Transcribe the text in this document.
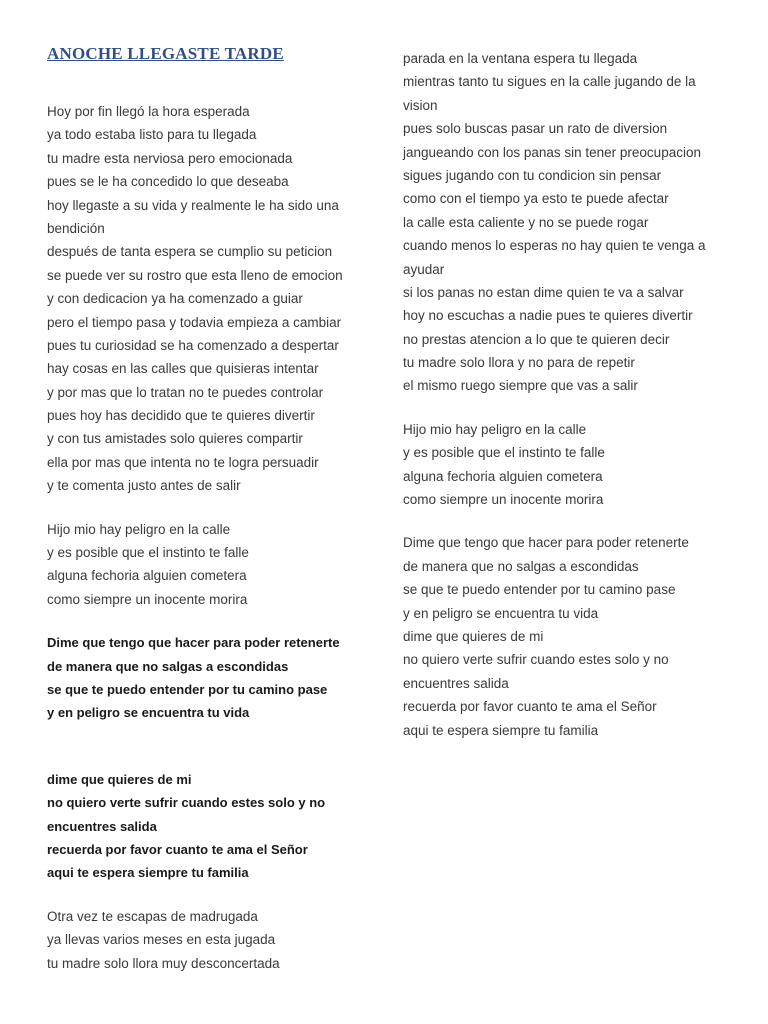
ANOCHE LLEGASTE TARDE
Hoy por fin llegó la hora esperada
ya todo estaba listo para tu llegada
tu madre esta nerviosa pero emocionada
pues se le ha concedido lo que deseaba
hoy llegaste a su vida y realmente le ha sido una
bendición
después de tanta espera se cumplio su peticion
se puede ver su rostro que esta lleno de emocion
y con dedicacion ya ha comenzado a guiar
pero el tiempo pasa y todavia empieza a cambiar
pues tu curiosidad se ha comenzado a despertar
hay cosas en las calles que quisieras intentar
y por mas que lo tratan no te puedes controlar
pues hoy has decidido que te quieres divertir
y con tus amistades solo quieres compartir
ella por mas que intenta no te logra persuadir
y te comenta justo antes de salir
Hijo mio hay peligro en la calle
y es posible que el instinto te falle
alguna fechoria alguien cometera
como siempre un inocente morira
Dime que tengo que hacer para poder retenerte
de manera que no salgas a escondidas
se que te puedo entender por tu camino pase
y en peligro se encuentra tu vida
dime que quieres de mi
no quiero verte sufrir cuando estes solo y no
encuentres salida
recuerda por favor cuanto te ama el Señor
aqui te espera siempre tu familia
Otra vez te escapas de madrugada
ya llevas varios meses en esta jugada
tu madre solo llora muy desconcertada
parada en la ventana espera tu llegada
mientras tanto tu sigues en la calle jugando de la
vision
pues solo buscas pasar un rato de diversion
jangueando con los panas sin tener preocupacion
sigues jugando con tu condicion sin pensar
como con el tiempo ya esto te puede afectar
la calle esta caliente y no se puede rogar
cuando menos lo esperas no hay quien te venga a
ayudar
si los panas no estan dime quien te va a salvar
hoy no escuchas a nadie pues te quieres divertir
no prestas atencion a lo que te quieren decir
tu madre solo llora y no para de repetir
el mismo ruego siempre que vas a salir
Hijo mio hay peligro en la calle
y es posible que el instinto te falle
alguna fechoria alguien cometera
como siempre un inocente morira
Dime que tengo que hacer para poder retenerte
de manera que no salgas a escondidas
se que te puedo entender por tu camino pase
y en peligro se encuentra tu vida
dime que quieres de mi
no quiero verte sufrir cuando estes solo y no
encuentres salida
recuerda por favor cuanto te ama el Señor
aqui te espera siempre tu familia
